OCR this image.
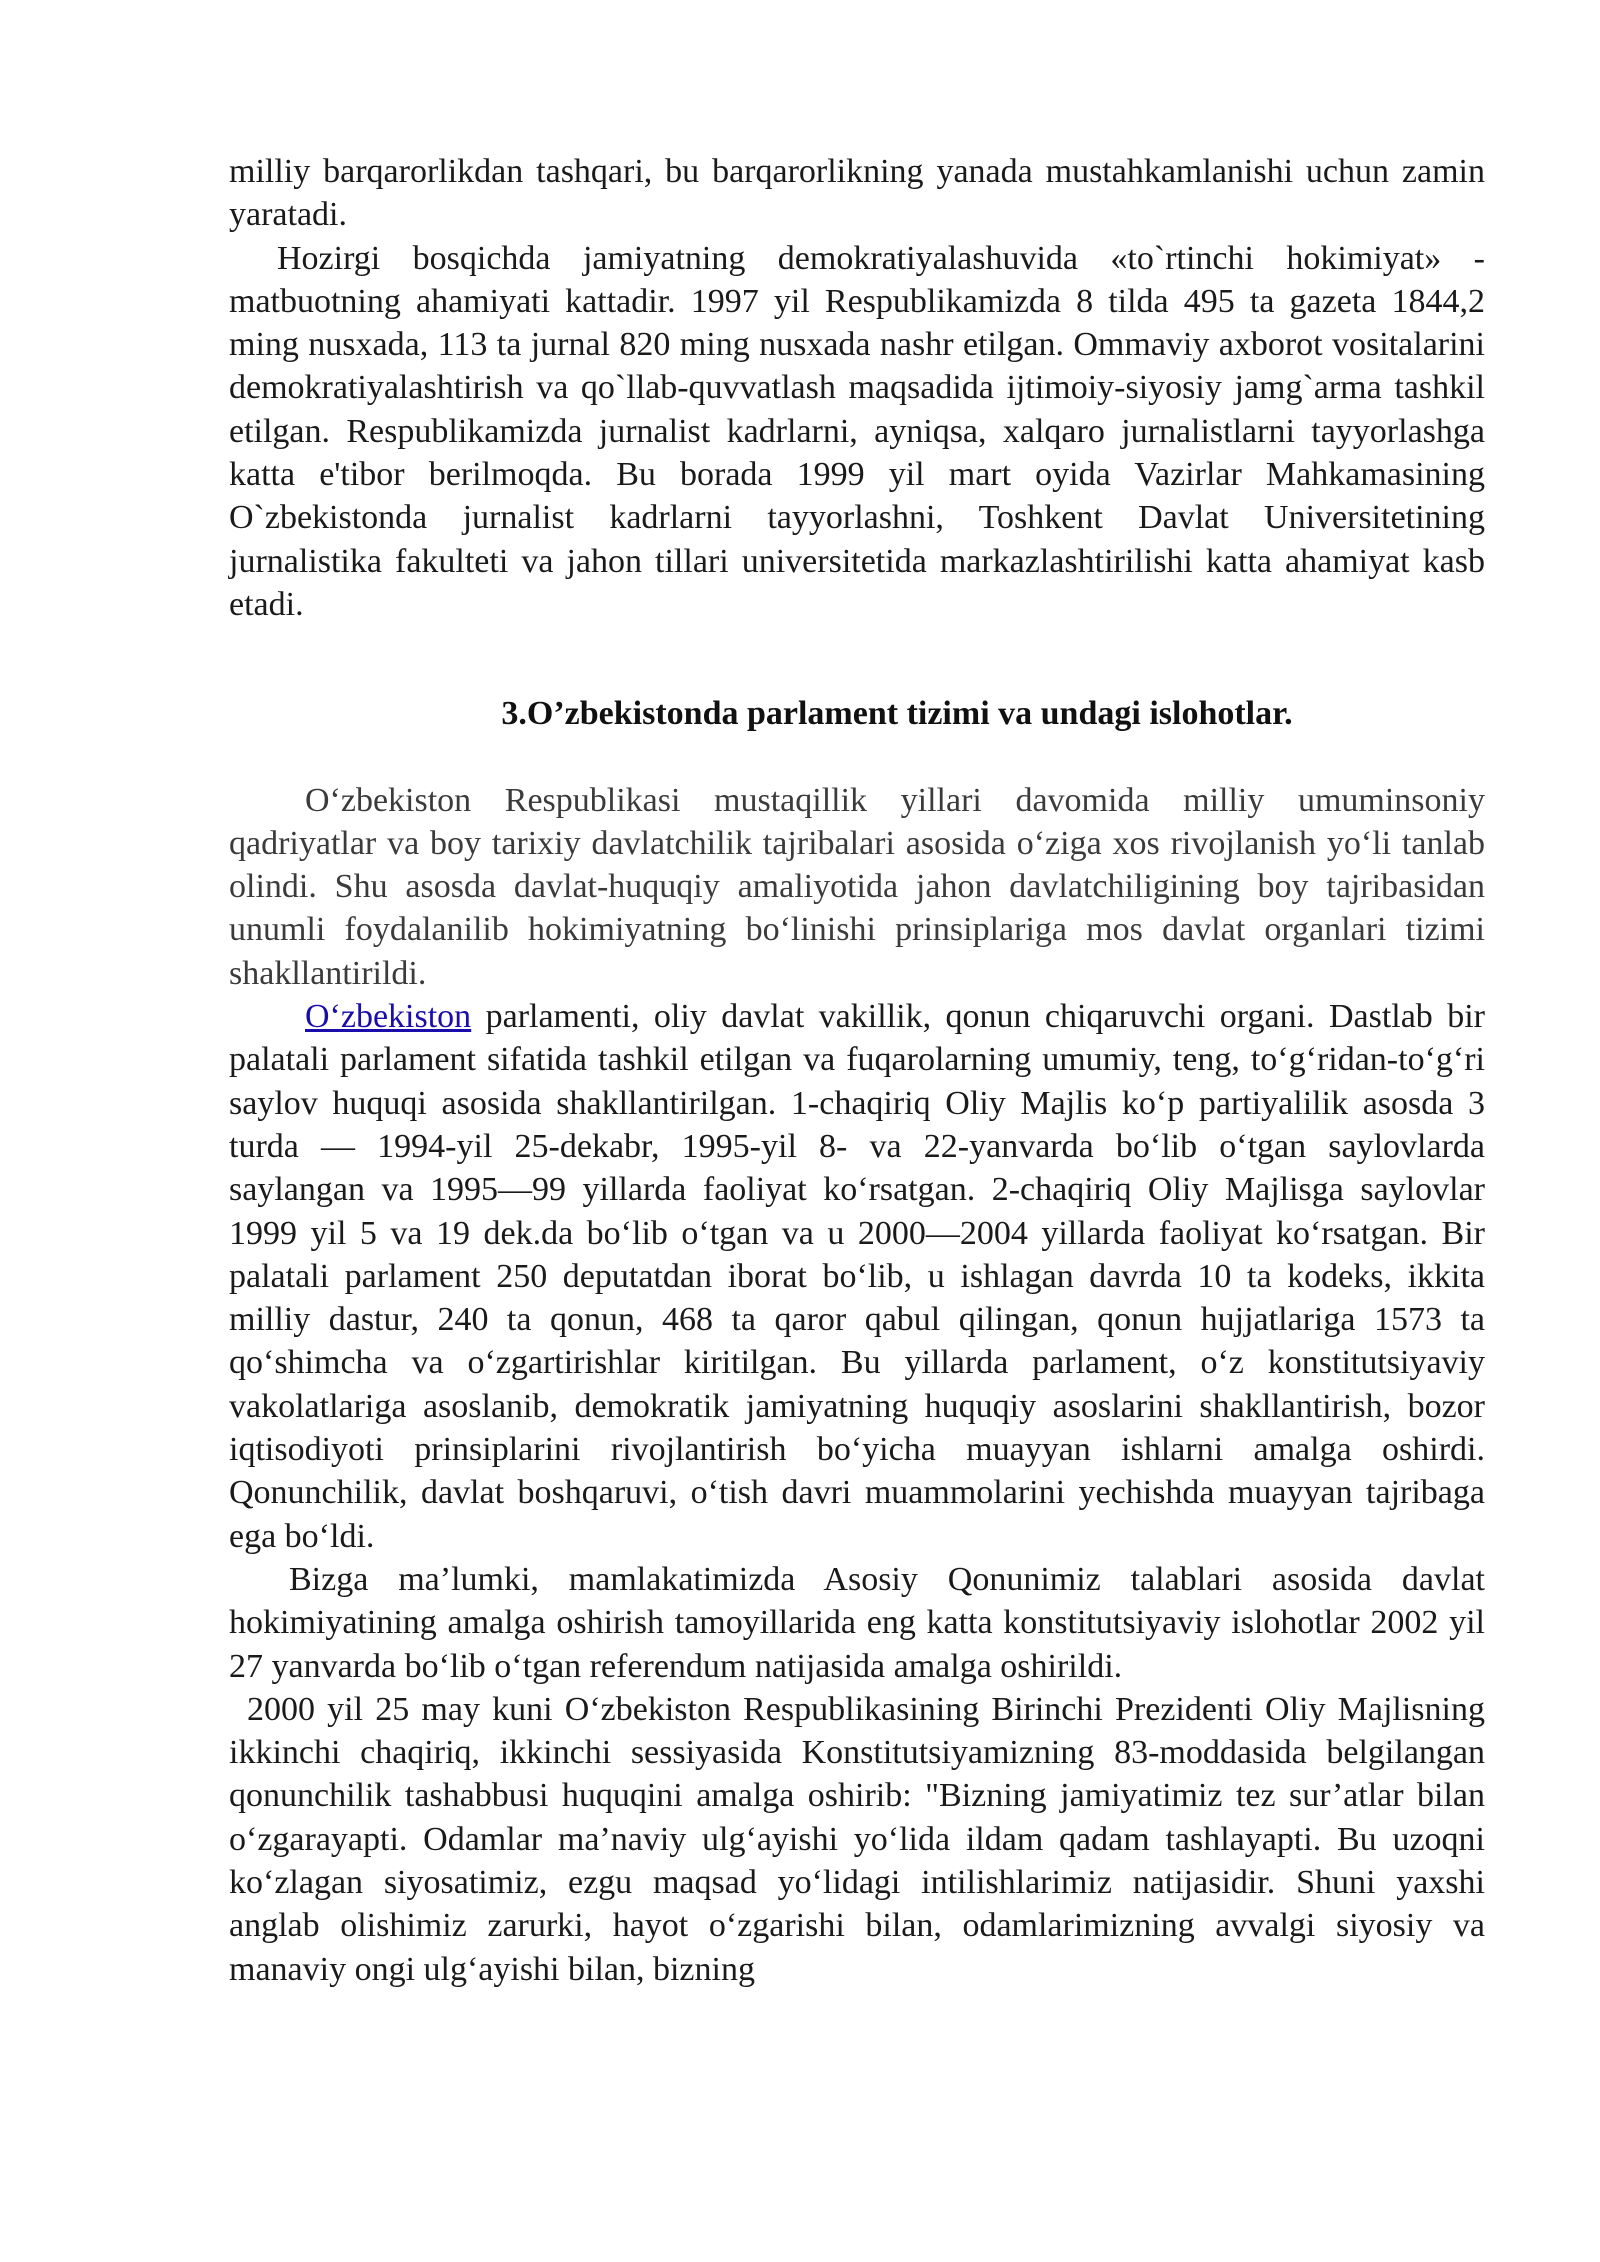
milliy barqarorlikdan tashqari, bu barqarorlikning yanada mustahkamlanishi uchun zamin yaratadi.

Hozirgi bosqichda jamiyatning demokratiyalashuvida «to`rtinchi hokimiyat» - matbuotning ahamiyati kattadir. 1997 yil Respublikamizda 8 tilda 495 ta gazeta 1844,2 ming nusxada, 113 ta jurnal 820 ming nusxada nashr etilgan. Ommaviy axborot vositalarini demokratiyalashtirish va qo`llab-quvvatlash maqsadida ijtimoiy-siyosiy jamg`arma tashkil etilgan. Respublikamizda jurnalist kadrlarni, ayniqsa, xalqaro jurnalistlarni tayyorlashga katta e'tibor berilmoqda. Bu borada 1999 yil mart oyida Vazirlar Mahkamasining O`zbekistonda jurnalist kadrlarni tayyorlashni, Toshkent Davlat Universitetining jurnalistika fakulteti va jahon tillari universitetida markazlashtirilishi katta ahamiyat kasb etadi.

3.O’zbekistonda parlament tizimi va undagi islohotlar.

O‘zbekiston Respublikasi mustaqillik yillari davomida milliy umuminsoniy qadriyatlar va boy tarixiy davlatchilik tajribalari asosida o‘ziga xos rivojlanish yo‘li tanlab olindi. Shu asosda davlat-huquqiy amaliyotida jahon davlatchiligining boy tajribasidan unumli foydalanilib hokimiyatning bo‘linishi prinsiplariga mos davlat organlari tizimi shakllantirildi.

O‘zbekiston parlamenti, oliy davlat vakillik, qonun chiqaruvchi organi. Dastlab bir palatali parlament sifatida tashkil etilgan va fuqarolarning umumiy, teng, to‘g‘ridan-to‘g‘ri saylov huquqi asosida shakllantirilgan. 1-chaqiriq Oliy Majlis ko‘p partiyalilik asosda 3 turda — 1994-yil 25-dekabr, 1995-yil 8- va 22-yanvarda bo‘lib o‘tgan saylovlarda saylangan va 1995—99 yillarda faoliyat ko‘rsatgan. 2-chaqiriq Oliy Majlisga saylovlar 1999 yil 5 va 19 dek.da bo‘lib o‘tgan va u 2000—2004 yillarda faoliyat ko‘rsatgan. Bir palatali parlament 250 deputatdan iborat bo‘lib, u ishlagan davrda 10 ta kodeks, ikkita milliy dastur, 240 ta qonun, 468 ta qaror qabul qilingan, qonun hujjatlariga 1573 ta qo‘shimcha va o‘zgartirishlar kiritilgan. Bu yillarda parlament, o‘z konstitutsiyaviy vakolatlariga asoslanib, demokratik jamiyatning huquqiy asoslarini shakllantirish, bozor iqtisodiyoti prinsiplarini rivojlantirish bo‘yicha muayyan ishlarni amalga oshirdi. Qonunchilik, davlat boshqaruvi, o‘tish davri muammolarini yechishda muayyan tajribaga ega bo‘ldi.

Bizga ma’lumki, mamlakatimizda Asosiy Qonunimiz talablari asosida davlat hokimiyatining amalga oshirish tamoyillarida eng katta konstitutsiyaviy islohotlar 2002 yil 27 yanvarda bo‘lib o‘tgan referendum natijasida amalga oshirildi.

2000 yil 25 may kuni O‘zbekiston Respublikasining Birinchi Prezidenti Oliy Majlisning ikkinchi chaqiriq, ikkinchi sessiyasida Konstitutsiyamizning 83-moddasida belgilangan qonunchilik tashabbusi huquqini amalga oshirib: "Bizning jamiyatimiz tez sur’atlar bilan o‘zgarayapti. Odamlar ma’naviy ulg‘ayishi yo‘lida ildam qadam tashlayapti. Bu uzoqni ko‘zlagan siyosatimiz, ezgu maqsad yo‘lidagi intilishlarimiz natijasidir. Shuni yaxshi anglab olishimiz zarurki, hayot o‘zgarishi bilan, odamlarimizning avvalgi siyosiy va manaviy ongi ulg‘ayishi bilan, bizning
